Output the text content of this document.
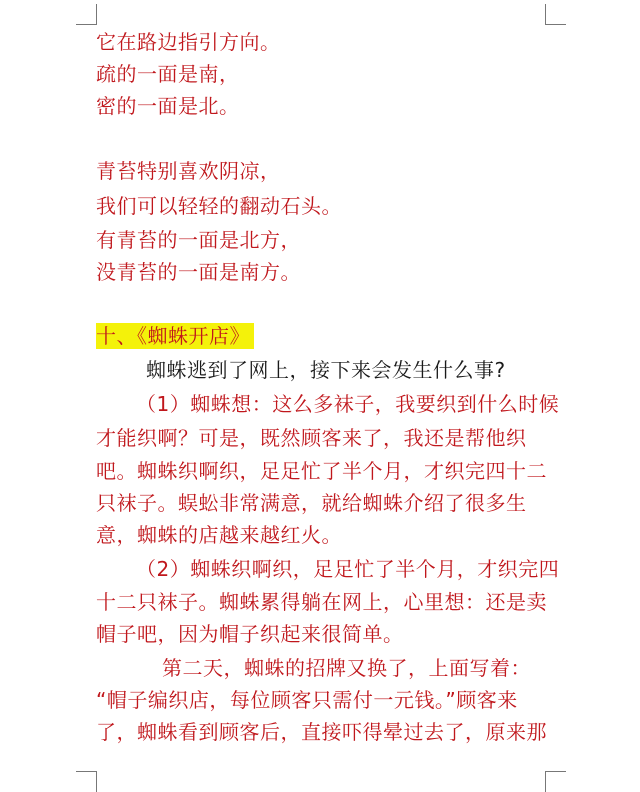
它在路边指引方向。
疏的一面是南，
密的一面是北。
青苔特别喜欢阴凉，
我们可以轻轻的翻动石头。
有青苔的一面是北方，
没青苔的一面是南方。
十、《蜘蛛开店》
蜘蛛逃到了网上，接下来会发生什么事?
（1）蜘蛛想：这么多袜子，我要织到什么时候
才能织啊？可是，既然顾客来了，我还是帮他织
吧。蜘蛛织啊织，足足忙了半个月，才织完四十二
只袜子。蜈蚣非常满意，就给蜘蛛介绍了很多生
意，蜘蛛的店越来越红火。
（2）蜘蛛织啊织，足足忙了半个月，才织完四
十二只袜子。蜘蛛累得躺在网上，心里想：还是卖
帽子吧，因为帽子织起来很简单。
第二天，蜘蛛的招牌又换了，上面写着：
“帽子编织店，每位顾客只需付一元钱。”顾客来
了，蜘蛛看到顾客后，直接吓得晕过去了，原来那
